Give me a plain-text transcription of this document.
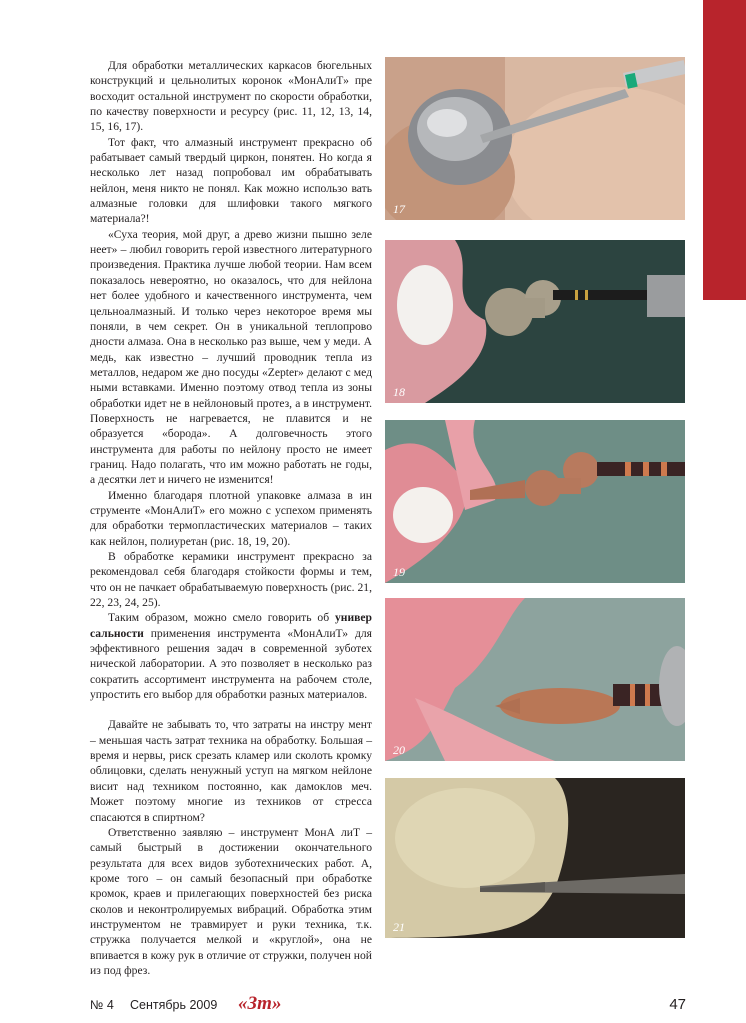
Для обработки металлических каркасов бюгельных конструкций и цельнолитых коронок «МонАлиТ» пре восходит остальной инструмент по скорости обработки, по качеству поверхности и ресурсу (рис. 11, 12, 13, 14, 15, 16, 17).

Тот факт, что алмазный инструмент прекрасно об рабатывает самый твердый циркон, понятен. Но когда я несколько лет назад попробовал им обрабатывать нейлон, меня никто не понял. Как можно использо вать алмазные головки для шлифовки такого мягкого материала?!

«Суха теория, мой друг, а древо жизни пышно зеле неет» – любил говорить герой известного литературного произведения. Практика лучше любой теории. Нам всем показалось невероятно, но оказалось, что для нейлона нет более удобного и качественного инструмента, чем цельноалмазный. И только через некоторое время мы поняли, в чем секрет. Он в уникальной теплопрово дности алмаза. Она в несколько раз выше, чем у меди. А медь, как известно – лучший проводник тепла из металлов, недаром же дно посуды «Zepter» делают с мед ными вставками. Именно поэтому отвод тепла из зоны обработки идет не в нейлоновый протез, а в инструмент. Поверхность не нагревается, не плавится и не образуется «борода». А долговечность этого инструмента для работы по нейлону просто не имеет границ. Надо полагать, что им можно работать не годы, а десятки лет и ничего не изменится!

Именно благодаря плотной упаковке алмаза в ин струменте «МонАлиТ» его можно с успехом применять для обработки термопластических материалов – таких как нейлон, полиуретан (рис. 18, 19, 20).

В обработке керамики инструмент прекрасно за рекомендовал себя благодаря стойкости формы и тем, что он не пачкает обрабатываемую поверхность (рис. 21, 22, 23, 24, 25).

Таким образом, можно смело говорить об универ сальности применения инструмента «МонАлиТ» для эффективного решения задач в современной зуботех нической лаборатории. А это позволяет в несколько раз сократить ассортимент инструмента на рабочем столе, упростить его выбор для обработки разных материалов.

Давайте не забывать то, что затраты на инстру мент – меньшая часть затрат техника на обработку. Большая – время и нервы, риск срезать кламер или сколоть кромку облицовки, сделать ненужный уступ на мягком нейлоне висит над техником постоянно, как дамоклов меч. Может поэтому многие из техников от стресса спасаются в спиртном?

Ответственно заявляю – инструмент МонА лиТ – самый быстрый в достижении окончательного результата для всех видов зуботехнических работ. А, кроме того – он самый безопасный при обработке кромок, краев и прилегающих поверхностей без риска сколов и неконтролируемых вибраций. Обработка этим инструментом не травмирует и руки техника, т.к. стружка получается мелкой и «круглой», она не впивается в кожу рук в отличие от стружки, получен ной из под фрез.

17
18
19
20
21
№ 4 Сентябрь 2009 «Зт»	47
